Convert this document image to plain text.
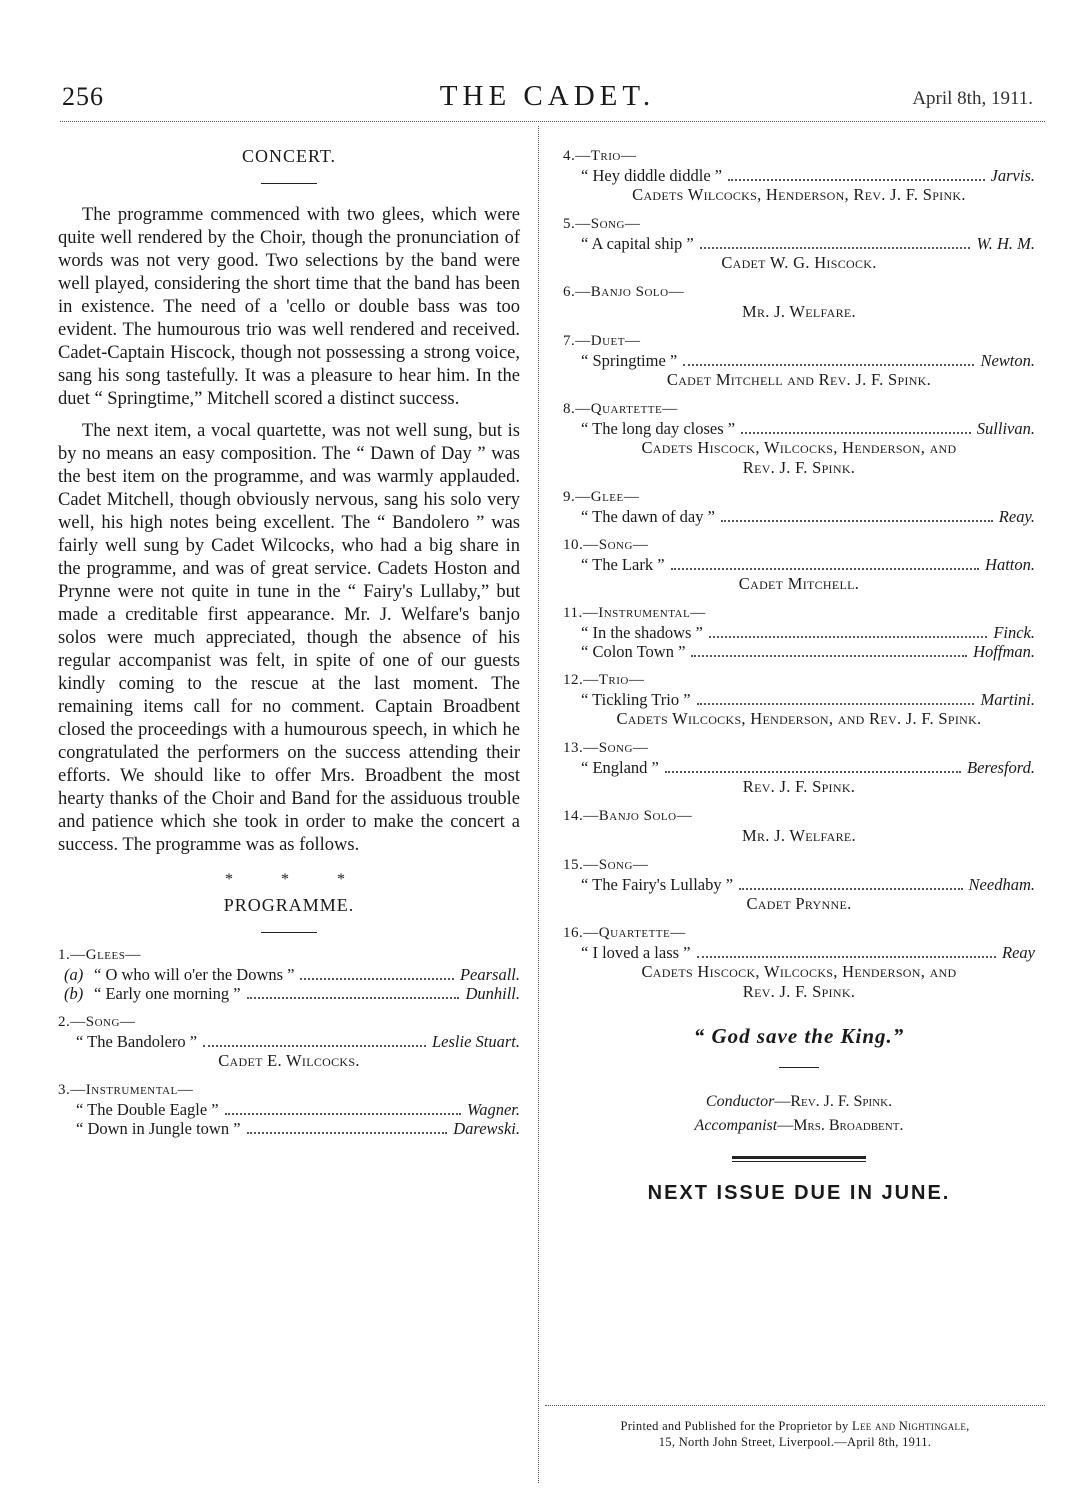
256	THE CADET.	April 8th, 1911.
CONCERT.

The programme commenced with two glees, which were quite well rendered by the Choir, though the pronunciation of words was not very good. Two selections by the band were well played, considering the short time that the band has been in existence. The need of a 'cello or double bass was too evident. The humourous trio was well rendered and received. Cadet-Captain Hiscock, though not possessing a strong voice, sang his song tastefully. It was a pleasure to hear him. In the duet “ Springtime,” Mitchell scored a distinct success.

The next item, a vocal quartette, was not well sung, but is by no means an easy composition. The “ Dawn of Day ” was the best item on the programme, and was warmly applauded. Cadet Mitchell, though obviously nervous, sang his solo very well, his high notes being excellent. The “ Bandolero ” was fairly well sung by Cadet Wilcocks, who had a big share in the programme, and was of great service. Cadets Hoston and Prynne were not quite in tune in the “ Fairy's Lullaby,” but made a creditable first appearance. Mr. J. Welfare's banjo solos were much appreciated, though the absence of his regular accompanist was felt, in spite of one of our guests kindly coming to the rescue at the last moment. The remaining items call for no comment. Captain Broadbent closed the proceedings with a humourous speech, in which he congratulated the performers on the success attending their efforts. We should like to offer Mrs. Broadbent the most hearty thanks of the Choir and Band for the assiduous trouble and patience which she took in order to make the concert a success. The programme was as follows.

* * *
PROGRAMME.
1.—Glees—
(a) “ O who will o'er the Downs ”	Pearsall.
(b) “ Early one morning ”	Dunhill.
2.—Song—
“ The Bandolero ”	Leslie Stuart.
Cadet E. Wilcocks.
3.—Instrumental—
“ The Double Eagle ”	Wagner.
“ Down in Jungle town ”	Darewski.
4.—Trio—
“ Hey diddle diddle ”	Jarvis.
Cadets Wilcocks, Henderson, Rev. J. F. Spink.
5.—Song—
“ A capital ship ”	W. H. M.
Cadet W. G. Hiscock.
6.—Banjo Solo—
Mr. J. Welfare.
7.—Duet—
“ Springtime ”	Newton.
Cadet Mitchell and Rev. J. F. Spink.
8.—Quartette—
“ The long day closes ”	Sullivan.
Cadets Hiscock, Wilcocks, Henderson, and
Rev. J. F. Spink.
9.—Glee—
“ The dawn of day ”	Reay.
10.—Song—
“ The Lark ”	Hatton.
Cadet Mitchell.
11.—Instrumental—
“ In the shadows ”	Finck.
“ Colon Town ”	Hoffman.
12.—Trio—
“ Tickling Trio ”	Martini.
Cadets Wilcocks, Henderson, and Rev. J. F. Spink.
13.—Song—
“ England ”	Beresford.
Rev. J. F. Spink.
14.—Banjo Solo—
Mr. J. Welfare.
15.—Song—
“ The Fairy's Lullaby ”	Needham.
Cadet Prynne.
16.—Quartette—
“ I loved a lass ”	Reay
Cadets Hiscock, Wilcocks, Henderson, and
Rev. J. F. Spink.
“ God save the King.”
Conductor—Rev. J. F. Spink.
Accompanist—Mrs. Broadbent.
NEXT ISSUE DUE IN JUNE.
Printed and Published for the Proprietor by Lee and Nightingale,
15, North John Street, Liverpool.—April 8th, 1911.
